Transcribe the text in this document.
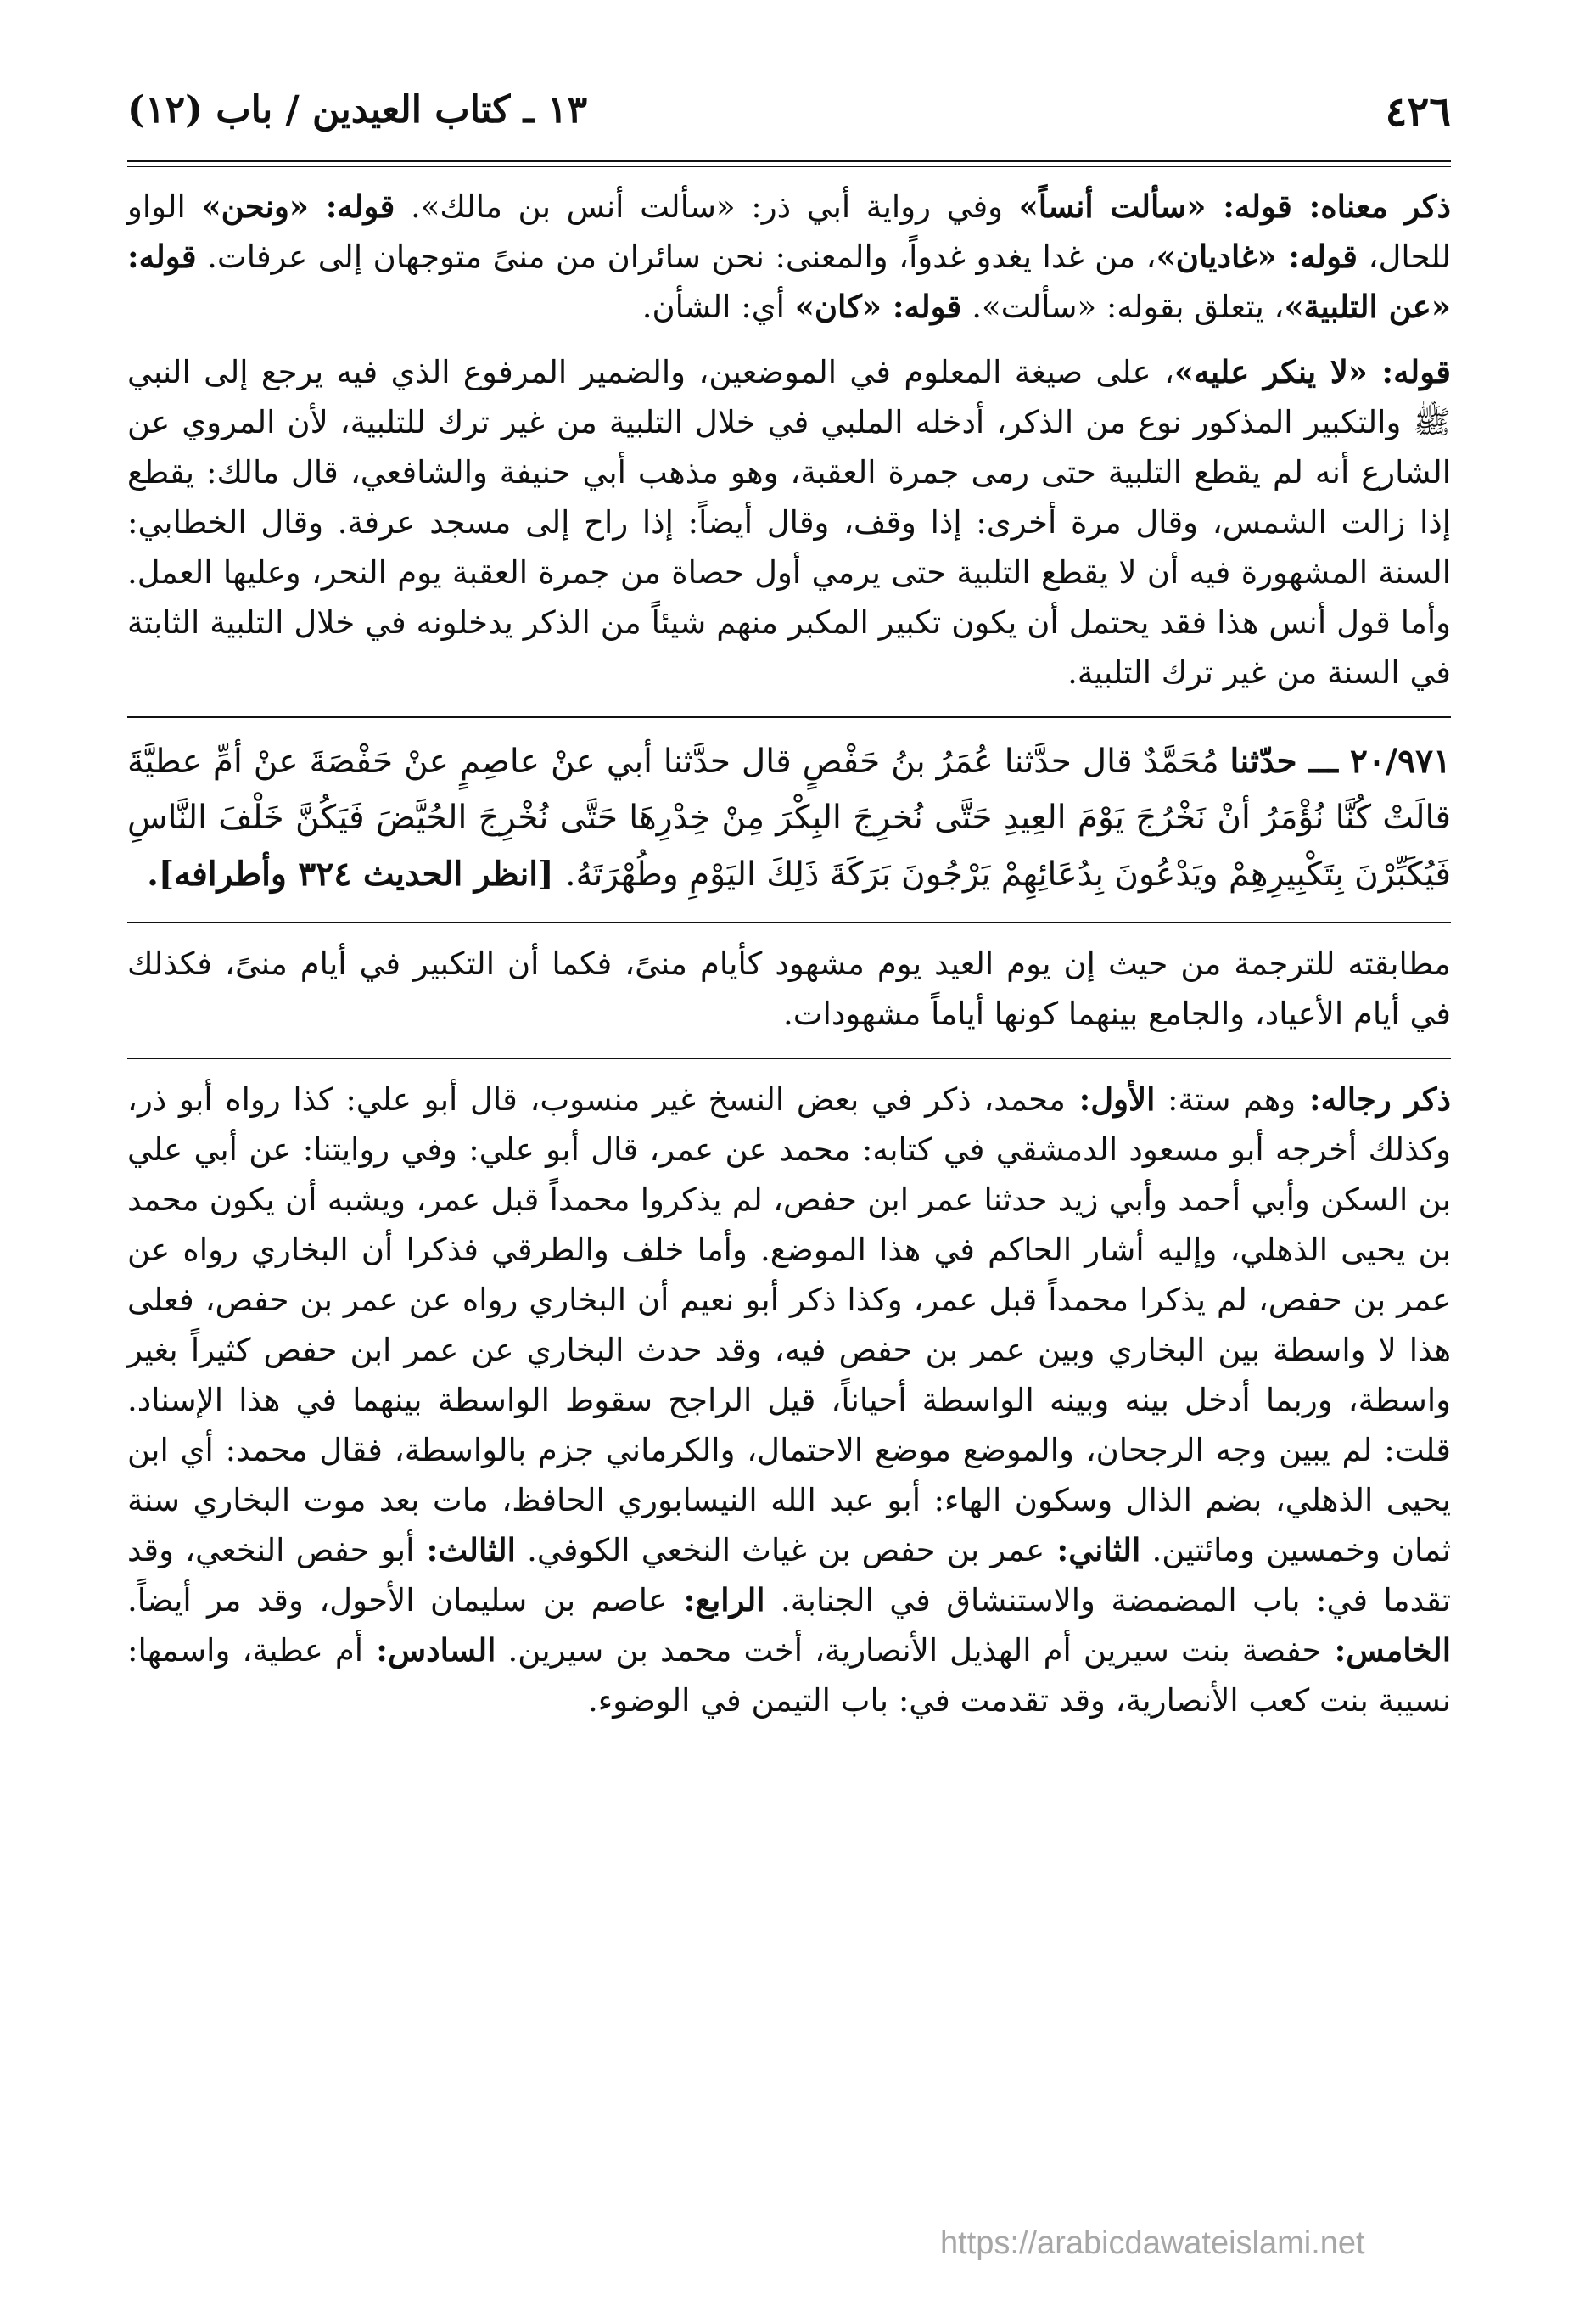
٤٢٦
١٣ ـ كتاب العيدين / باب (١٢)

ذكر معناه: قوله: «سألت أنساً» وفي رواية أبي ذر: «سألت أنس بن مالك». قوله: «ونحن» الواو للحال، قوله: «غاديان»، من غدا يغدو غدواً، والمعنى: نحن سائران من منىً متوجهان إلى عرفات. قوله: «عن التلبية»، يتعلق بقوله: «سألت». قوله: «كان» أي: الشأن.

قوله: «لا ينكر عليه»، على صيغة المعلوم في الموضعين، والضمير المرفوع الذي فيه يرجع إلى النبي ﷺ والتكبير المذكور نوع من الذكر، أدخله الملبي في خلال التلبية من غير ترك للتلبية، لأن المروي عن الشارع أنه لم يقطع التلبية حتى رمى جمرة العقبة، وهو مذهب أبي حنيفة والشافعي، قال مالك: يقطع إذا زالت الشمس، وقال مرة أخرى: إذا وقف، وقال أيضاً: إذا راح إلى مسجد عرفة. وقال الخطابي: السنة المشهورة فيه أن لا يقطع التلبية حتى يرمي أول حصاة من جمرة العقبة يوم النحر، وعليها العمل. وأما قول أنس هذا فقد يحتمل أن يكون تكبير المكبر منهم شيئاً من الذكر يدخلونه في خلال التلبية الثابتة في السنة من غير ترك التلبية.

٢٠/٩٧١ ـــ حدّثنا مُحَمَّدٌ قال حدَّثنا عُمَرُ بنُ حَفْصٍ قال حدَّثنا أبي عنْ عاصِمٍ عنْ حَفْصَةَ عنْ أمِّ عطيَّةَ قالَتْ كُنَّا نُؤْمَرُ أنْ نَخْرُجَ يَوْمَ العِيدِ حَتَّى نُخرِجَ البِكْرَ مِنْ خِدْرِهَا حَتَّى نُخْرِجَ الحُيَّضَ فَيَكُنَّ خَلْفَ النَّاسِ فَيُكَبِّرْنَ بِتَكْبِيرِهِمْ ويَدْعُونَ بِدُعَائِهِمْ يَرْجُونَ بَرَكَةَ ذَلِكَ اليَوْمِ وطُهْرَتَهُ. [انظر الحديث ٣٢٤ وأطرافه].

مطابقته للترجمة من حيث إن يوم العيد يوم مشهود كأيام منىً، فكما أن التكبير في أيام منىً، فكذلك في أيام الأعياد، والجامع بينهما كونها أياماً مشهودات.

ذكر رجاله: وهم ستة: الأول: محمد، ذكر في بعض النسخ غير منسوب، قال أبو علي: كذا رواه أبو ذر، وكذلك أخرجه أبو مسعود الدمشقي في كتابه: محمد عن عمر، قال أبو علي: وفي روايتنا: عن أبي علي بن السكن وأبي أحمد وأبي زيد حدثنا عمر ابن حفص، لم يذكروا محمداً قبل عمر، ويشبه أن يكون محمد بن يحيى الذهلي، وإليه أشار الحاكم في هذا الموضع. وأما خلف والطرقي فذكرا أن البخاري رواه عن عمر بن حفص، لم يذكرا محمداً قبل عمر، وكذا ذكر أبو نعيم أن البخاري رواه عن عمر بن حفص، فعلى هذا لا واسطة بين البخاري وبين عمر بن حفص فيه، وقد حدث البخاري عن عمر ابن حفص كثيراً بغير واسطة، وربما أدخل بينه وبينه الواسطة أحياناً، قيل الراجح سقوط الواسطة بينهما في هذا الإسناد. قلت: لم يبين وجه الرجحان، والموضع موضع الاحتمال، والكرماني جزم بالواسطة، فقال محمد: أي ابن يحيى الذهلي، بضم الذال وسكون الهاء: أبو عبد الله النيسابوري الحافظ، مات بعد موت البخاري سنة ثمان وخمسين ومائتين. الثاني: عمر بن حفص بن غياث النخعي الكوفي. الثالث: أبو حفص النخعي، وقد تقدما في: باب المضمضة والاستنشاق في الجنابة. الرابع: عاصم بن سليمان الأحول، وقد مر أيضاً. الخامس: حفصة بنت سيرين أم الهذيل الأنصارية، أخت محمد بن سيرين. السادس: أم عطية، واسمها: نسيبة بنت كعب الأنصارية، وقد تقدمت في: باب التيمن في الوضوء.

https://arabicdawateislami.net
